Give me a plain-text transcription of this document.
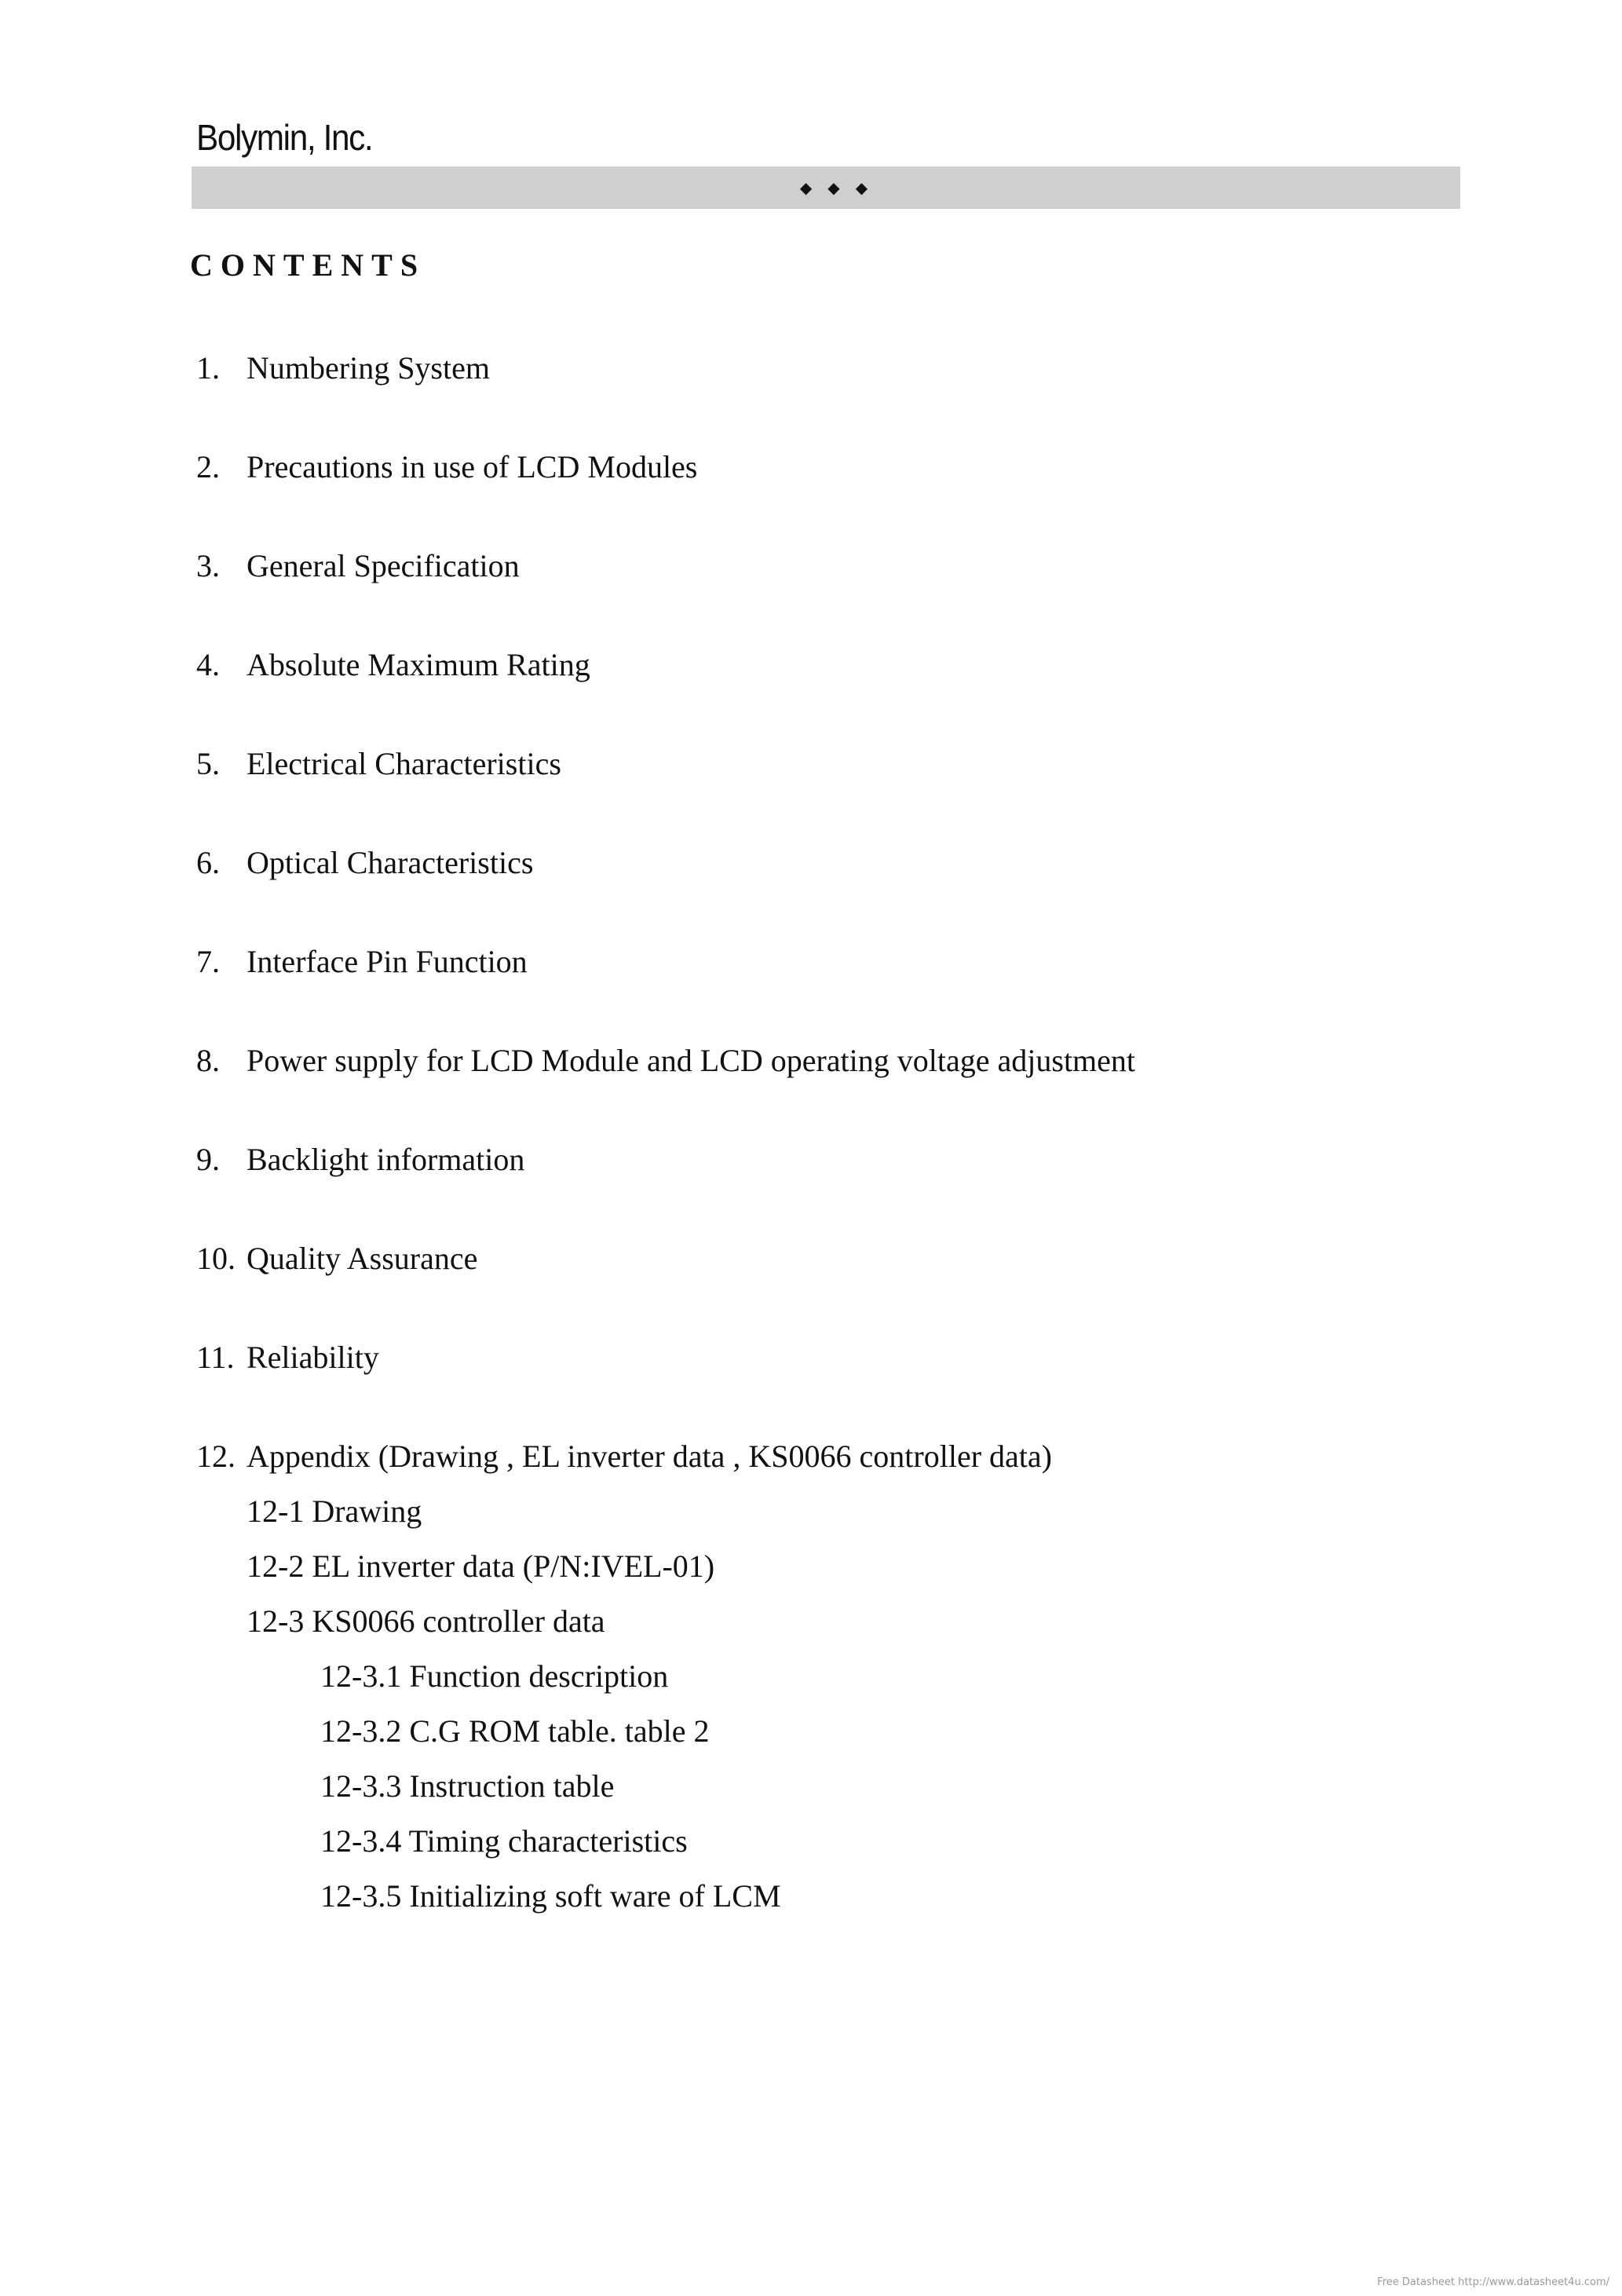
Bolymin, Inc.
◆ ◆ ◆
CONTENTS
1. Numbering System
2. Precautions in use of LCD Modules
3. General Specification
4. Absolute Maximum Rating
5. Electrical Characteristics
6. Optical Characteristics
7. Interface Pin Function
8. Power supply for LCD Module and LCD operating voltage adjustment
9. Backlight information
10. Quality Assurance
11. Reliability
12. Appendix (Drawing , EL inverter data , KS0066 controller data)
12-1 Drawing
12-2 EL inverter data (P/N:IVEL-01)
12-3 KS0066 controller data
12-3.1 Function description
12-3.2 C.G ROM table. table 2
12-3.3 Instruction table
12-3.4 Timing characteristics
12-3.5 Initializing soft ware of LCM
Free Datasheet http://www.datasheet4u.com/
